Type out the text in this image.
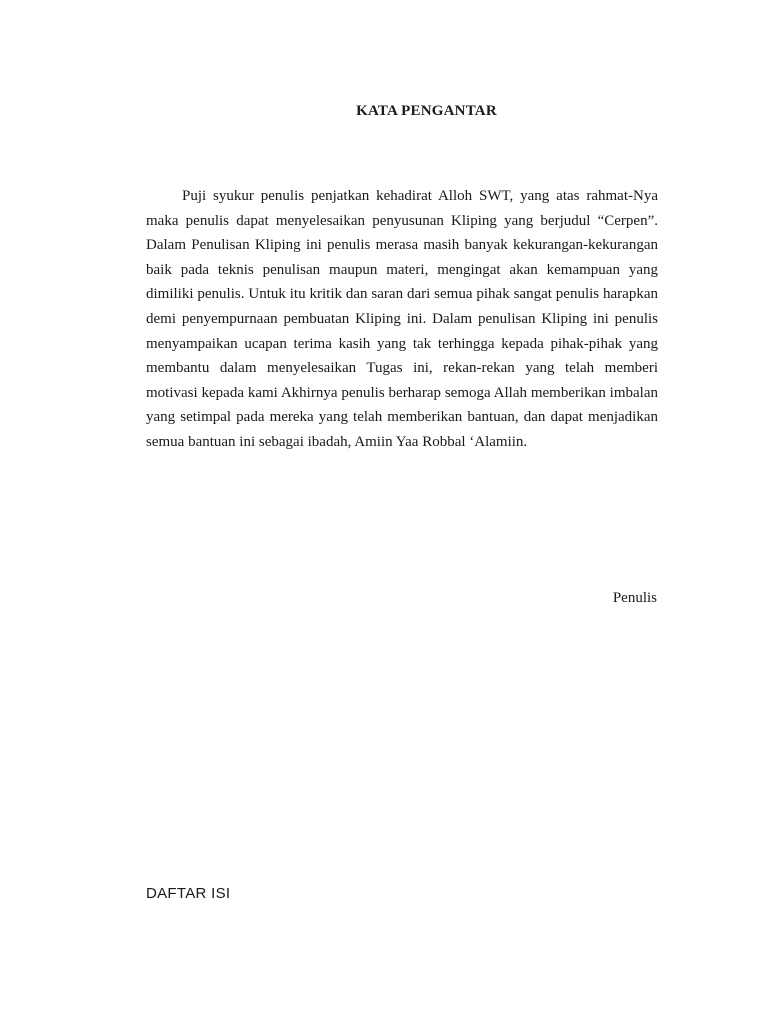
KATA PENGANTAR

Puji syukur penulis penjatkan kehadirat Alloh SWT, yang atas rahmat-Nya maka penulis dapat menyelesaikan penyusunan Kliping yang berjudul “Cerpen”. Dalam Penulisan Kliping ini penulis merasa masih banyak kekurangan-kekurangan baik pada teknis penulisan maupun materi, mengingat akan kemampuan yang dimiliki penulis. Untuk itu kritik dan saran dari semua pihak sangat penulis harapkan demi penyempurnaan pembuatan Kliping ini. Dalam penulisan Kliping ini penulis menyampaikan ucapan terima kasih yang tak terhingga kepada pihak-pihak yang membantu dalam menyelesaikan Tugas ini, rekan-rekan yang telah memberi motivasi kepada kami Akhirnya penulis berharap semoga Allah memberikan imbalan yang setimpal pada mereka yang telah memberikan bantuan, dan dapat menjadikan semua bantuan ini sebagai ibadah, Amiin Yaa Robbal ‘Alamiin.

Penulis
DAFTAR ISI
